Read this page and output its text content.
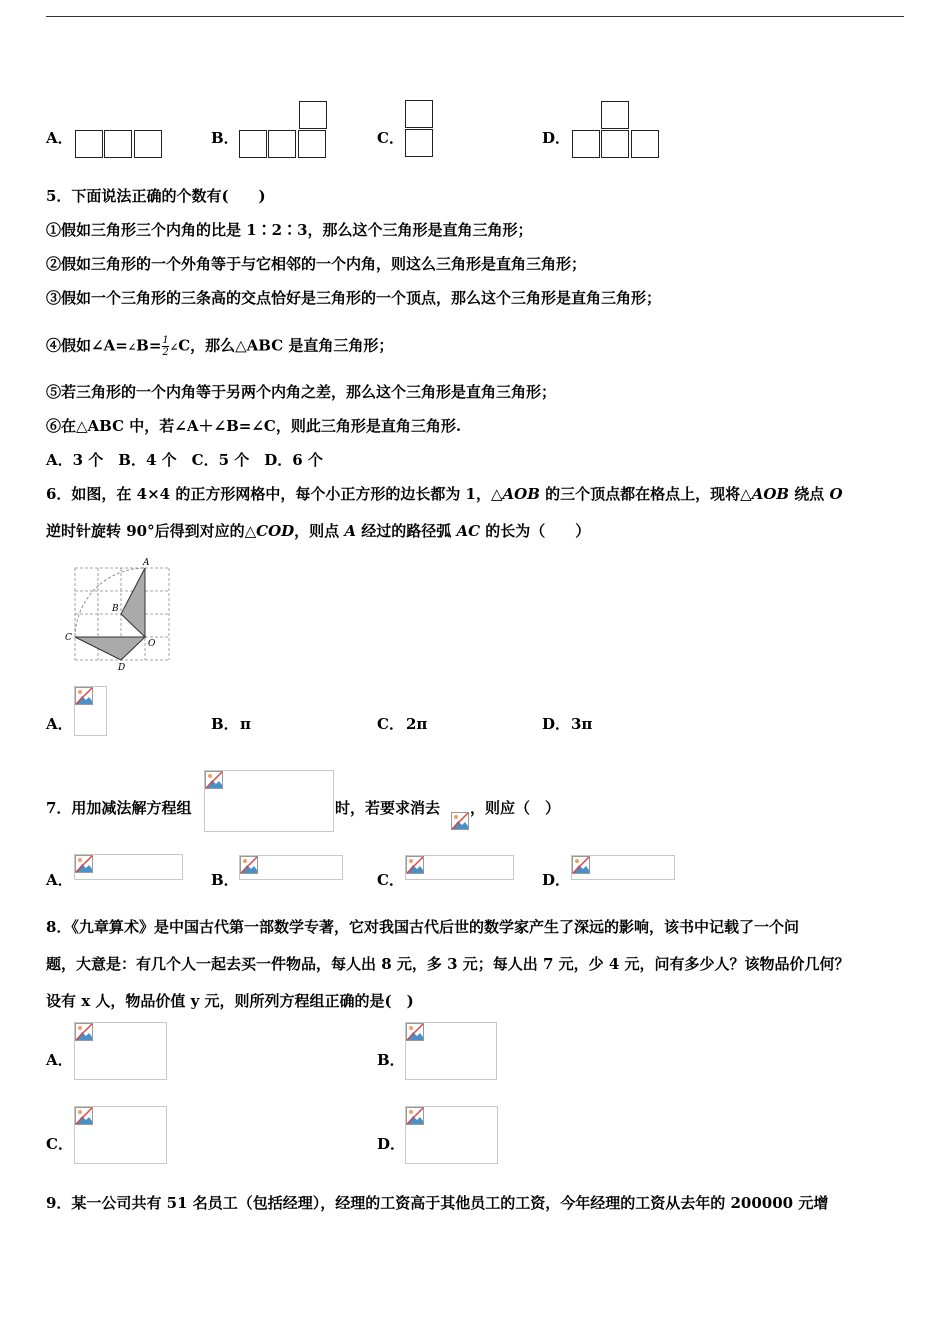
A．	B．	C．	D．
5．下面说法正确的个数有(　　)
①假如三角形三个内角的比是 1∶2∶3，那么这个三角形是直角三角形；
②假如三角形的一个外角等于与它相邻的一个内角，则这么三角形是直角三角形；
③假如一个三角形的三条高的交点恰好是三角形的一个顶点，那么这个三角形是直角三角形；
④假如∠A=∠B= $\frac{1}{2}$ ∠C，那么△ABC 是直角三角形；
⑤若三角形的一个内角等于另两个内角之差，那么这个三角形是直角三角形；
⑥在△ABC 中，若∠A＋∠B=∠C，则此三角形是直角三角形.
A．3 个　B．4 个　C．5 个　D．6 个
6．如图，在 4×4 的正方形网格中，每个小正方形的边长都为 1，△AOB 的三个顶点都在格点上，现将△AOB 绕点 O
逆时针旋转 90°后得到对应的△COD，则点 A 经过的路径弧 AC 的长为（　　）
A
B
C
O
D
A．	B． π	C． 2π	D． 3π
7．用加减法解方程组	时，若要求消去 ，则应（　）
A．	B．	C．	D．
8．《九章算术》是中国古代第一部数学专著，它对我国古代后世的数学家产生了深远的影响，该书中记载了一个问
题，大意是：有几个人一起去买一件物品，每人出 8 元，多 3 元；每人出 7 元，少 4 元，问有多少人？该物品价几何？
设有 x 人，物品价值 y 元，则所列方程组正确的是(　)
A．	B．
C．	D．
9．某一公司共有 51 名员工（包括经理），经理的工资高于其他员工的工资，今年经理的工资从去年的 200000 元增
